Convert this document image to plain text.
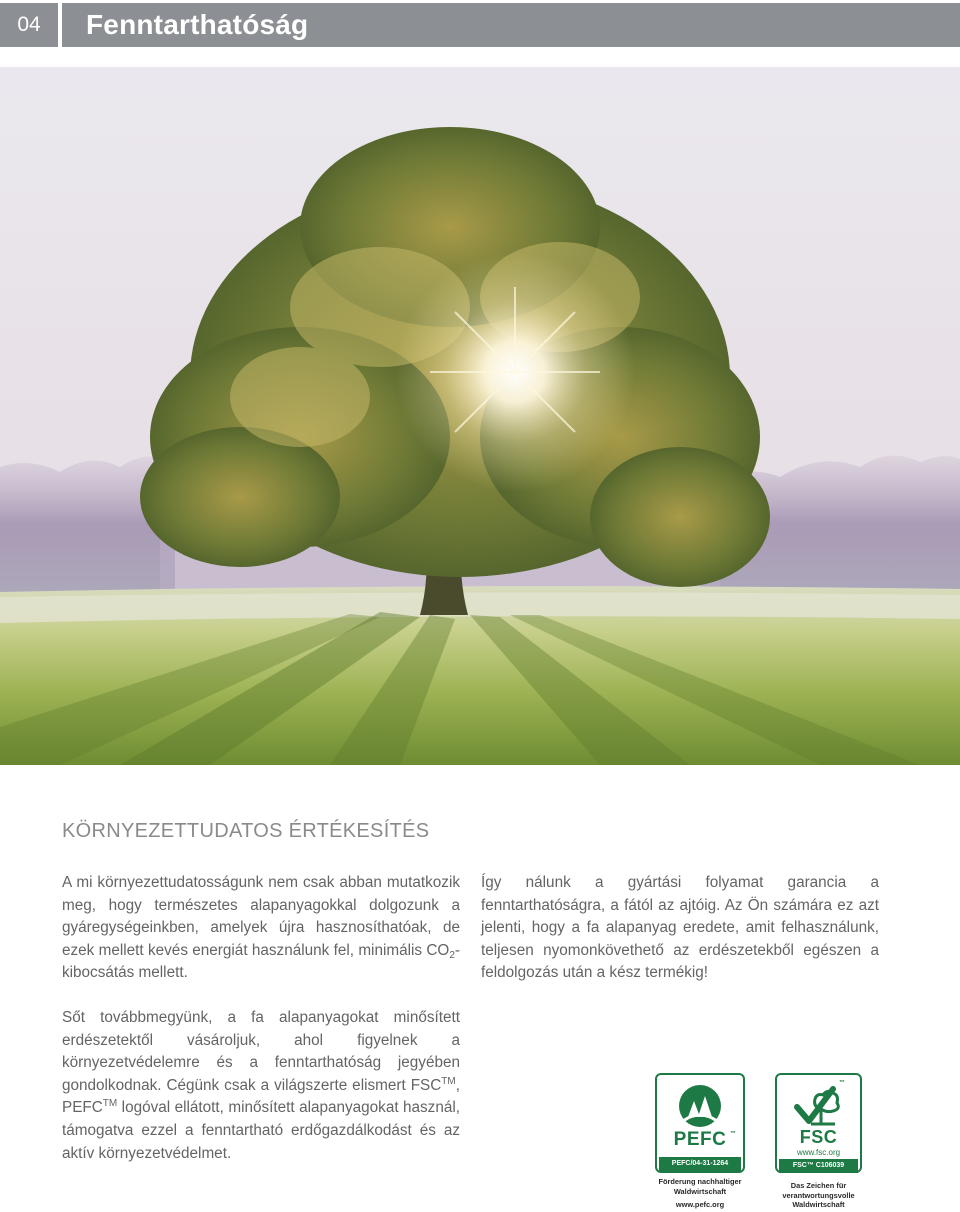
04	Fenntarthatóság
KÖRNYEZETTUDATOS ÉRTÉKESÍTÉS
A mi környezettudatosságunk nem csak abban mutatkozik meg, hogy természetes alapanyagokkal dolgozunk a gyáregységeinkben, amelyek újra hasznosíthatóak, de ezek mellett kevés energiát használunk fel, minimális $CO_2$-kibocsátás mellett.
Így nálunk a gyártási folyamat garancia a fenntarthatóságra, a fától az ajtóig. Az Ön számára ez azt jelenti, hogy a fa alapanyag eredete, amit felhasználunk, teljesen nyomonkövethető az erdészetekből egészen a feldolgozás után a kész termékig!
Sőt továbbmegyünk, a fa alapanyagokat minősített erdészetektől vásároljuk, ahol figyelnek a környezetvédelemre és a fenntarthatóság jegyében gondolkodnak. Cégünk csak a világszerte elismert FSC™, PEFC™ logóval ellátott, minősített alapanyagokat használ, támogatva ezzel a fenntartható erdőgazdálkodást és az aktív környezetvédelmet.
PEFC ™
PEFC/04-31-1264
Förderung nachhaltiger
Waldwirtschaft
www.pefc.org
™
FSC
www.fsc.org
FSC™ C106039
Das Zeichen für
verantwortungsvolle
Waldwirtschaft
